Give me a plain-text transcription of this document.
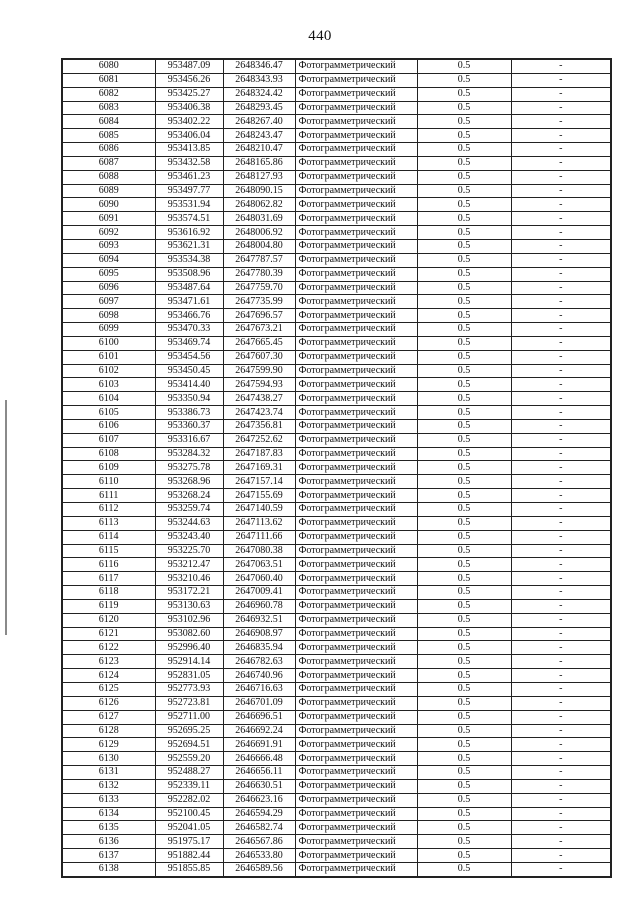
440
6080	953487.09	2648346.47	Фотограмметрический	0.5	-
6081	953456.26	2648343.93	Фотограмметрический	0.5	-
6082	953425.27	2648324.42	Фотограмметрический	0.5	-
6083	953406.38	2648293.45	Фотограмметрический	0.5	-
6084	953402.22	2648267.40	Фотограмметрический	0.5	-
6085	953406.04	2648243.47	Фотограмметрический	0.5	-
6086	953413.85	2648210.47	Фотограмметрический	0.5	-
6087	953432.58	2648165.86	Фотограмметрический	0.5	-
6088	953461.23	2648127.93	Фотограмметрический	0.5	-
6089	953497.77	2648090.15	Фотограмметрический	0.5	-
6090	953531.94	2648062.82	Фотограмметрический	0.5	-
6091	953574.51	2648031.69	Фотограмметрический	0.5	-
6092	953616.92	2648006.92	Фотограмметрический	0.5	-
6093	953621.31	2648004.80	Фотограмметрический	0.5	-
6094	953534.38	2647787.57	Фотограмметрический	0.5	-
6095	953508.96	2647780.39	Фотограмметрический	0.5	-
6096	953487.64	2647759.70	Фотограмметрический	0.5	-
6097	953471.61	2647735.99	Фотограмметрический	0.5	-
6098	953466.76	2647696.57	Фотограмметрический	0.5	-
6099	953470.33	2647673.21	Фотограмметрический	0.5	-
6100	953469.74	2647665.45	Фотограмметрический	0.5	-
6101	953454.56	2647607.30	Фотограмметрический	0.5	-
6102	953450.45	2647599.90	Фотограмметрический	0.5	-
6103	953414.40	2647594.93	Фотограмметрический	0.5	-
6104	953350.94	2647438.27	Фотограмметрический	0.5	-
6105	953386.73	2647423.74	Фотограмметрический	0.5	-
6106	953360.37	2647356.81	Фотограмметрический	0.5	-
6107	953316.67	2647252.62	Фотограмметрический	0.5	-
6108	953284.32	2647187.83	Фотограмметрический	0.5	-
6109	953275.78	2647169.31	Фотограмметрический	0.5	-
6110	953268.96	2647157.14	Фотограмметрический	0.5	-
6111	953268.24	2647155.69	Фотограмметрический	0.5	-
6112	953259.74	2647140.59	Фотограмметрический	0.5	-
6113	953244.63	2647113.62	Фотограмметрический	0.5	-
6114	953243.40	2647111.66	Фотограмметрический	0.5	-
6115	953225.70	2647080.38	Фотограмметрический	0.5	-
6116	953212.47	2647063.51	Фотограмметрический	0.5	-
6117	953210.46	2647060.40	Фотограмметрический	0.5	-
6118	953172.21	2647009.41	Фотограмметрический	0.5	-
6119	953130.63	2646960.78	Фотограмметрический	0.5	-
6120	953102.96	2646932.51	Фотограмметрический	0.5	-
6121	953082.60	2646908.97	Фотограмметрический	0.5	-
6122	952996.40	2646835.94	Фотограмметрический	0.5	-
6123	952914.14	2646782.63	Фотограмметрический	0.5	-
6124	952831.05	2646740.96	Фотограмметрический	0.5	-
6125	952773.93	2646716.63	Фотограмметрический	0.5	-
6126	952723.81	2646701.09	Фотограмметрический	0.5	-
6127	952711.00	2646696.51	Фотограмметрический	0.5	-
6128	952695.25	2646692.24	Фотограмметрический	0.5	-
6129	952694.51	2646691.91	Фотограмметрический	0.5	-
6130	952559.20	2646666.48	Фотограмметрический	0.5	-
6131	952488.27	2646656.11	Фотограмметрический	0.5	-
6132	952339.11	2646630.51	Фотограмметрический	0.5	-
6133	952282.02	2646623.16	Фотограмметрический	0.5	-
6134	952100.45	2646594.29	Фотограмметрический	0.5	-
6135	952041.05	2646582.74	Фотограмметрический	0.5	-
6136	951975.17	2646567.86	Фотограмметрический	0.5	-
6137	951882.44	2646533.80	Фотограмметрический	0.5	-
6138	951855.85	2646589.56	Фотограмметрический	0.5	-
